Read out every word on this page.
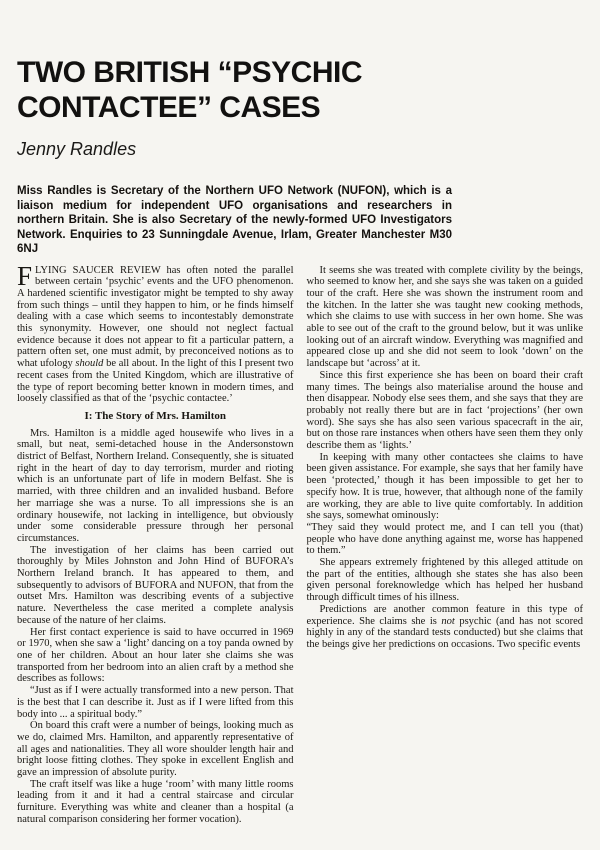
TWO BRITISH “PSYCHIC
CONTACTEE” CASES
Jenny Randles

Miss Randles is Secretary of the Northern UFO Network (NUFON), which is a liaison medium for independent UFO organisations and researchers in northern Britain. She is also Secretary of the newly-formed UFO Investigators Network. Enquiries to 23 Sunningdale Avenue, Irlam, Greater Manchester M30 6NJ

FLYING SAUCER REVIEW has often noted the parallel between certain ‘psychic’ events and the UFO phenomenon. A hardened scientific investigator might be tempted to shy away from such things – until they happen to him, or he finds himself dealing with a case which seems to incontestably demonstrate this synonymity. However, one should not neglect factual evidence because it does not appear to fit a particular pattern, a pattern often set, one must admit, by preconceived notions as to what ufology should be all about. In the light of this I present two recent cases from the United Kingdom, which are illustrative of the type of report becoming better known in modern times, and loosely classified as that of the ‘psychic contactee.’

I: The Story of Mrs. Hamilton

Mrs. Hamilton is a middle aged housewife who lives in a small, but neat, semi-detached house in the Andersonstown district of Belfast, Northern Ireland. Consequently, she is situated right in the heart of day to day terrorism, murder and rioting which is an unfortunate part of life in modern Belfast. She is married, with three children and an invalided husband. Before her marriage she was a nurse. To all impressions she is an ordinary housewife, not lacking in intelligence, but obviously under some considerable pressure through her personal circumstances.

The investigation of her claims has been carried out thoroughly by Miles Johnston and John Hind of BUFORA’s Northern Ireland branch. It has appeared to them, and subsequently to advisors of BUFORA and NUFON, that from the outset Mrs. Hamilton was describing events of a subjective nature. Nevertheless the case merited a complete analysis because of the nature of her claims.

Her first contact experience is said to have occurred in 1969 or 1970, when she saw a ‘light’ dancing on a toy panda owned by one of her children. About an hour later she claims she was transported from her bedroom into an alien craft by a method she describes as follows:

“Just as if I were actually transformed into a new person. That is the best that I can describe it. Just as if I were lifted from this body into ... a spiritual body.”

On board this craft were a number of beings, looking much as we do, claimed Mrs. Hamilton, and apparently representative of all ages and nationalities. They all wore shoulder length hair and bright loose fitting clothes. They spoke in excellent English and gave an impression of absolute purity.

The craft itself was like a huge ‘room’ with many little rooms leading from it and it had a central staircase and circular furniture. Everything was white and cleaner than a hospital (a natural comparison considering her former vocation).

It seems she was treated with complete civility by the beings, who seemed to know her, and she says she was taken on a guided tour of the craft. Here she was shown the instrument room and the kitchen. In the latter she was taught new cooking methods, which she claims to use with success in her own home. She was able to see out of the craft to the ground below, but it was unlike looking out of an aircraft window. Everything was magnified and appeared close up and she did not seem to look ‘down’ on the landscape but ‘across’ at it.

Since this first experience she has been on board their craft many times. The beings also materialise around the house and then disappear. Nobody else sees them, and she says that they are probably not really there but are in fact ‘projections’ (her own word). She says she has also seen various spacecraft in the air, but on those rare instances when others have seen them they only describe them as ‘lights.’

In keeping with many other contactees she claims to have been given assistance. For example, she says that her family have been ‘protected,’ though it has been impossible to get her to specify how. It is true, however, that although none of the family are working, they are able to live quite comfortably. In addition she says, somewhat ominously:

“They said they would protect me, and I can tell you (that) people who have done anything against me, worse has happened to them.”

She appears extremely frightened by this alleged attitude on the part of the entities, although she states she has also been given personal foreknowledge which has helped her husband through difficult times of his illness.

Predictions are another common feature in this type of experience. She claims she is not psychic (and has not scored highly in any of the standard tests conducted) but she claims that the beings give her predictions on occasions. Two specific events
